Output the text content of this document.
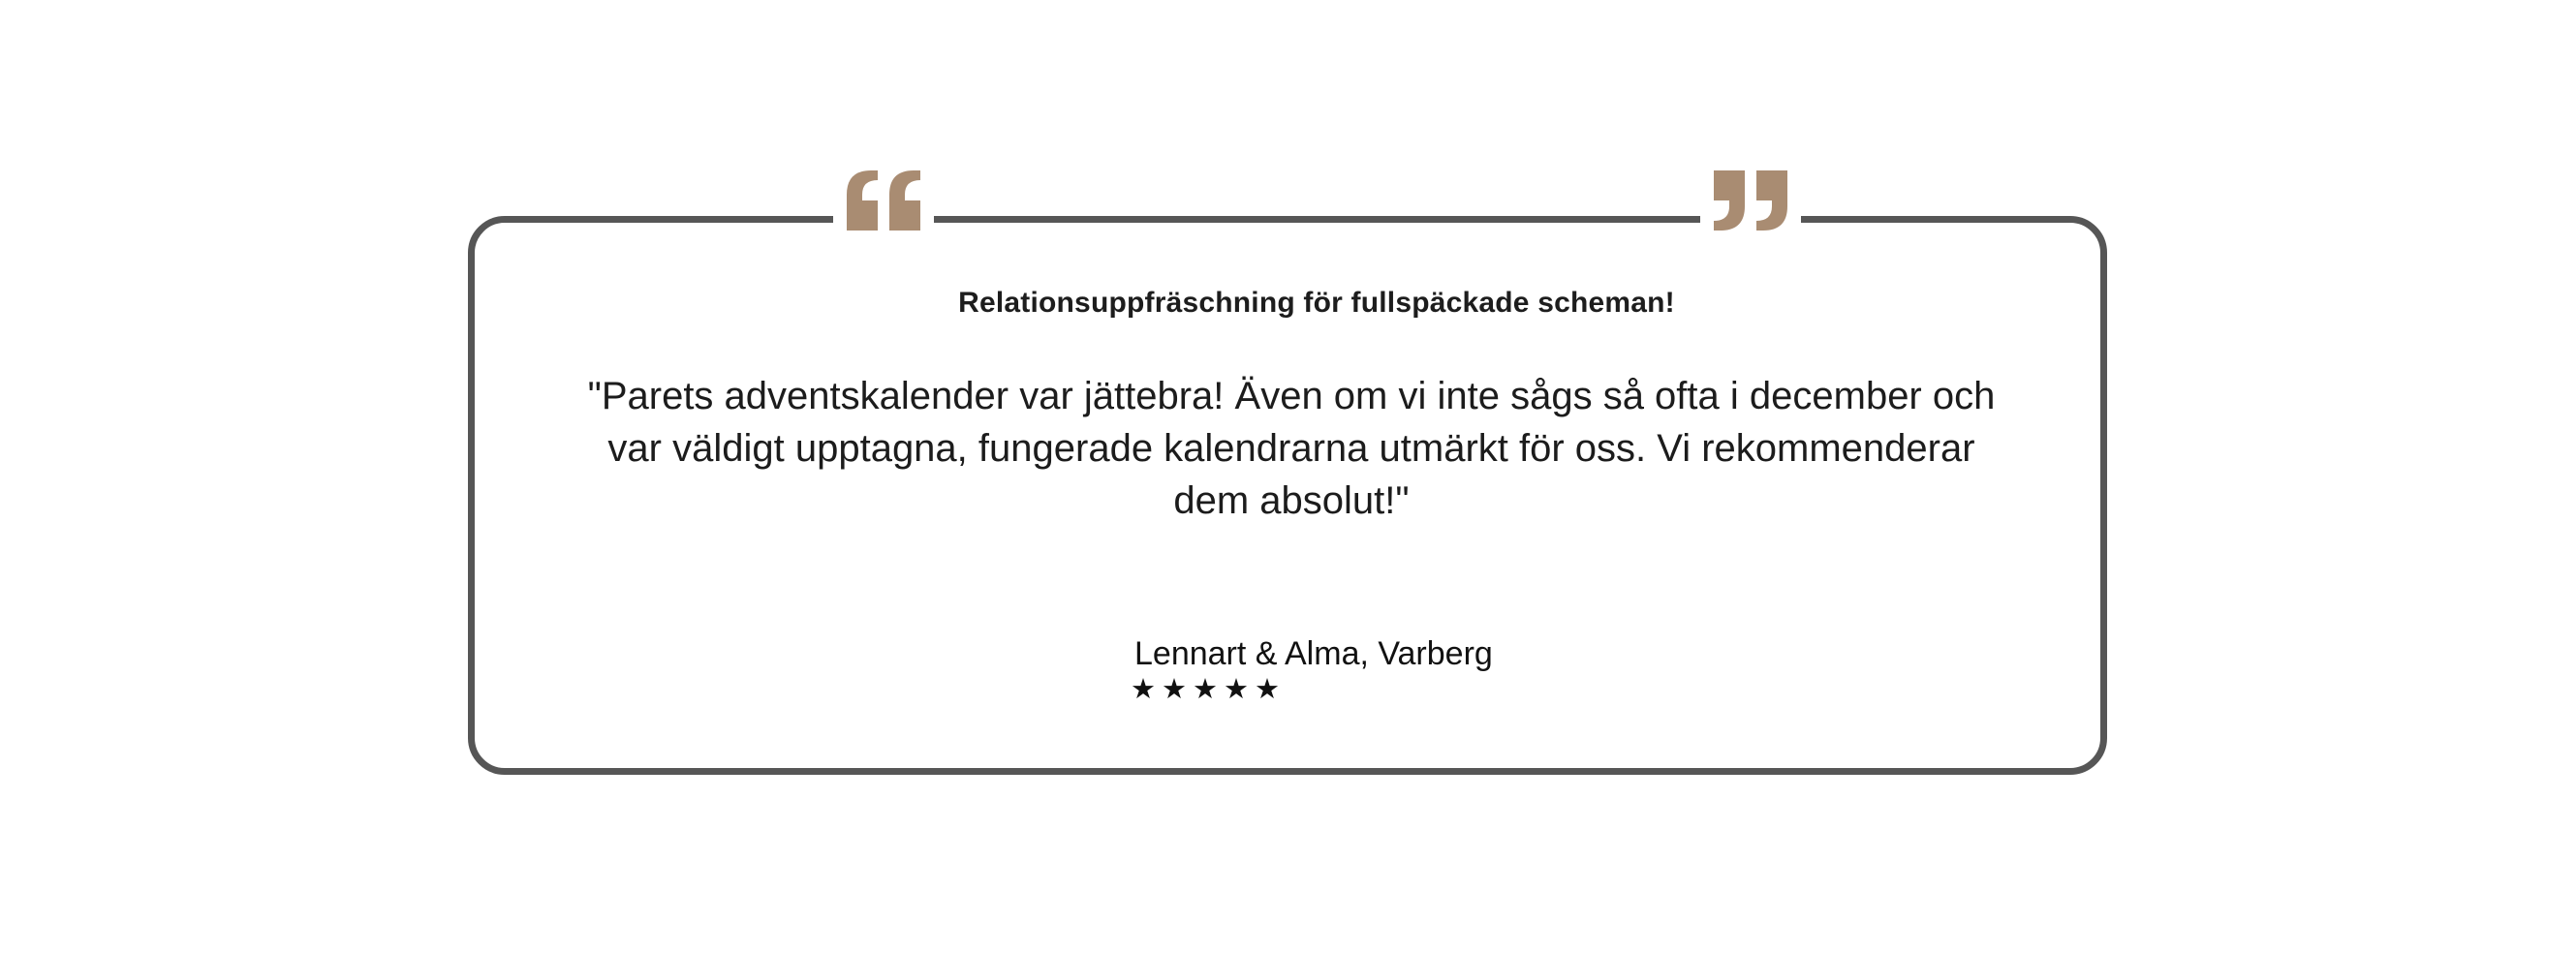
Relationsuppfräschning för fullspäckade scheman!
"Parets adventskalender var jättebra! Även om vi inte sågs så ofta i december och
var väldigt upptagna, fungerade kalendrarna utmärkt för oss. Vi rekommenderar
dem absolut!"
Lennart & Alma, Varberg
★★★★★
